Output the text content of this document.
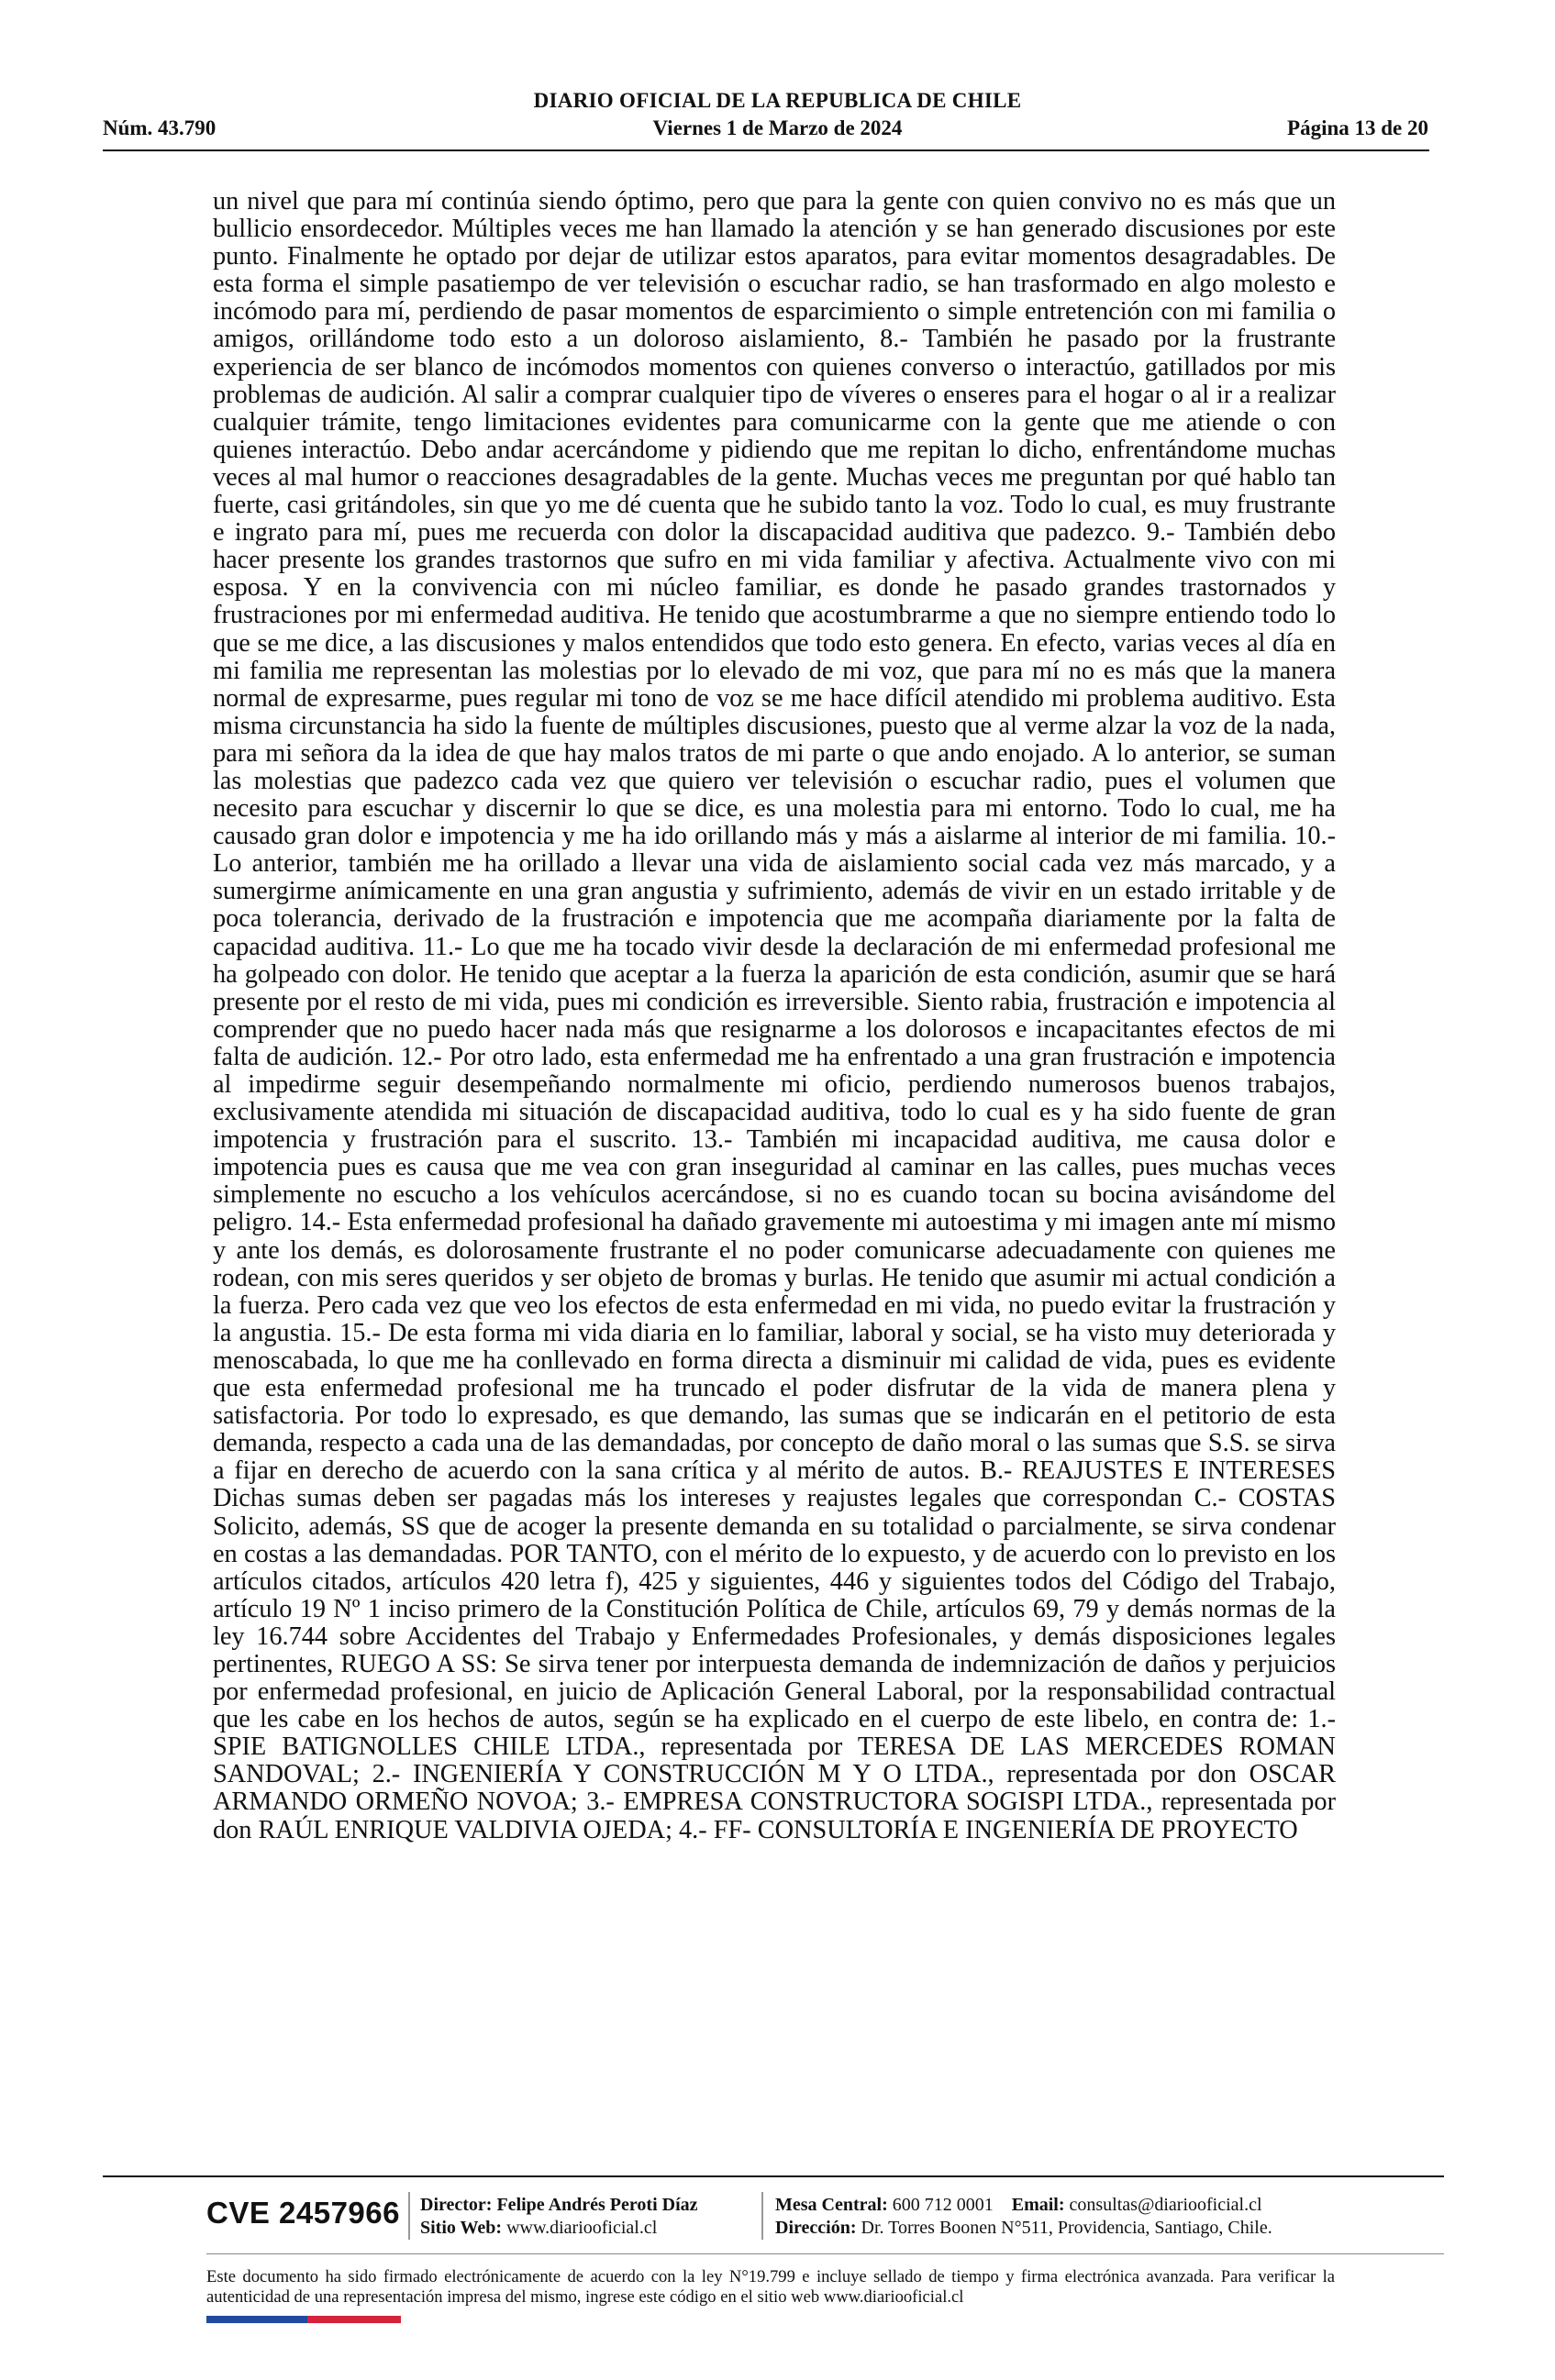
DIARIO OFICIAL DE LA REPUBLICA DE CHILE
Núm. 43.790	Viernes 1 de Marzo de 2024	Página 13 de 20

un nivel que para mí continúa siendo óptimo, pero que para la gente con quien convivo no es más que un bullicio ensordecedor. Múltiples veces me han llamado la atención y se han generado discusiones por este punto. Finalmente he optado por dejar de utilizar estos aparatos, para evitar momentos desagradables. De esta forma el simple pasatiempo de ver televisión o escuchar radio, se han trasformado en algo molesto e incómodo para mí, perdiendo de pasar momentos de esparcimiento o simple entretención con mi familia o amigos, orillándome todo esto a un doloroso aislamiento, 8.- También he pasado por la frustrante experiencia de ser blanco de incómodos momentos con quienes converso o interactúo, gatillados por mis problemas de audición. Al salir a comprar cualquier tipo de víveres o enseres para el hogar o al ir a realizar cualquier trámite, tengo limitaciones evidentes para comunicarme con la gente que me atiende o con quienes interactúo. Debo andar acercándome y pidiendo que me repitan lo dicho, enfrentándome muchas veces al mal humor o reacciones desagradables de la gente. Muchas veces me preguntan por qué hablo tan fuerte, casi gritándoles, sin que yo me dé cuenta que he subido tanto la voz. Todo lo cual, es muy frustrante e ingrato para mí, pues me recuerda con dolor la discapacidad auditiva que padezco. 9.- También debo hacer presente los grandes trastornos que sufro en mi vida familiar y afectiva. Actualmente vivo con mi esposa. Y en la convivencia con mi núcleo familiar, es donde he pasado grandes trastornados y frustraciones por mi enfermedad auditiva. He tenido que acostumbrarme a que no siempre entiendo todo lo que se me dice, a las discusiones y malos entendidos que todo esto genera. En efecto, varias veces al día en mi familia me representan las molestias por lo elevado de mi voz, que para mí no es más que la manera normal de expresarme, pues regular mi tono de voz se me hace difícil atendido mi problema auditivo. Esta misma circunstancia ha sido la fuente de múltiples discusiones, puesto que al verme alzar la voz de la nada, para mi señora da la idea de que hay malos tratos de mi parte o que ando enojado. A lo anterior, se suman las molestias que padezco cada vez que quiero ver televisión o escuchar radio, pues el volumen que necesito para escuchar y discernir lo que se dice, es una molestia para mi entorno. Todo lo cual, me ha causado gran dolor e impotencia y me ha ido orillando más y más a aislarme al interior de mi familia. 10.- Lo anterior, también me ha orillado a llevar una vida de aislamiento social cada vez más marcado, y a sumergirme anímicamente en una gran angustia y sufrimiento, además de vivir en un estado irritable y de poca tolerancia, derivado de la frustración e impotencia que me acompaña diariamente por la falta de capacidad auditiva. 11.- Lo que me ha tocado vivir desde la declaración de mi enfermedad profesional me ha golpeado con dolor. He tenido que aceptar a la fuerza la aparición de esta condición, asumir que se hará presente por el resto de mi vida, pues mi condición es irreversible. Siento rabia, frustración e impotencia al comprender que no puedo hacer nada más que resignarme a los dolorosos e incapacitantes efectos de mi falta de audición. 12.- Por otro lado, esta enfermedad me ha enfrentado a una gran frustración e impotencia al impedirme seguir desempeñando normalmente mi oficio, perdiendo numerosos buenos trabajos, exclusivamente atendida mi situación de discapacidad auditiva, todo lo cual es y ha sido fuente de gran impotencia y frustración para el suscrito. 13.- También mi incapacidad auditiva, me causa dolor e impotencia pues es causa que me vea con gran inseguridad al caminar en las calles, pues muchas veces simplemente no escucho a los vehículos acercándose, si no es cuando tocan su bocina avisándome del peligro. 14.- Esta enfermedad profesional ha dañado gravemente mi autoestima y mi imagen ante mí mismo y ante los demás, es dolorosamente frustrante el no poder comunicarse adecuadamente con quienes me rodean, con mis seres queridos y ser objeto de bromas y burlas. He tenido que asumir mi actual condición a la fuerza. Pero cada vez que veo los efectos de esta enfermedad en mi vida, no puedo evitar la frustración y la angustia. 15.- De esta forma mi vida diaria en lo familiar, laboral y social, se ha visto muy deteriorada y menoscabada, lo que me ha conllevado en forma directa a disminuir mi calidad de vida, pues es evidente que esta enfermedad profesional me ha truncado el poder disfrutar de la vida de manera plena y satisfactoria. Por todo lo expresado, es que demando, las sumas que se indicarán en el petitorio de esta demanda, respecto a cada una de las demandadas, por concepto de daño moral o las sumas que S.S. se sirva a fijar en derecho de acuerdo con la sana crítica y al mérito de autos. B.- REAJUSTES E INTERESES Dichas sumas deben ser pagadas más los intereses y reajustes legales que correspondan C.- COSTAS Solicito, además, SS que de acoger la presente demanda en su totalidad o parcialmente, se sirva condenar en costas a las demandadas. POR TANTO, con el mérito de lo expuesto, y de acuerdo con lo previsto en los artículos citados, artículos 420 letra f), 425 y siguientes, 446 y siguientes todos del Código del Trabajo, artículo 19 Nº 1 inciso primero de la Constitución Política de Chile, artículos 69, 79 y demás normas de la ley 16.744 sobre Accidentes del Trabajo y Enfermedades Profesionales, y demás disposiciones legales pertinentes, RUEGO A SS: Se sirva tener por interpuesta demanda de indemnización de daños y perjuicios por enfermedad profesional, en juicio de Aplicación General Laboral, por la responsabilidad contractual que les cabe en los hechos de autos, según se ha explicado en el cuerpo de este libelo, en contra de: 1.- SPIE BATIGNOLLES CHILE LTDA., representada por TERESA DE LAS MERCEDES ROMAN SANDOVAL; 2.- INGENIERÍA Y CONSTRUCCIÓN M Y O LTDA., representada por don OSCAR ARMANDO ORMEÑO NOVOA; 3.- EMPRESA CONSTRUCTORA SOGISPI LTDA., representada por don RAÚL ENRIQUE VALDIVIA OJEDA; 4.- FF- CONSULTORÍA E INGENIERÍA DE PROYECTO

CVE 2457966 Director: Felipe Andrés Peroti Díaz
Sitio Web: www.diariooficial.cl
Mesa Central: 600 712 0001 Email: consultas@diariooficial.cl
Dirección: Dr. Torres Boonen N°511, Providencia, Santiago, Chile.
Este documento ha sido firmado electrónicamente de acuerdo con la ley N°19.799 e incluye sellado de tiempo y firma electrónica avanzada. Para verificar la autenticidad de una representación impresa del mismo, ingrese este código en el sitio web www.diariooficial.cl
